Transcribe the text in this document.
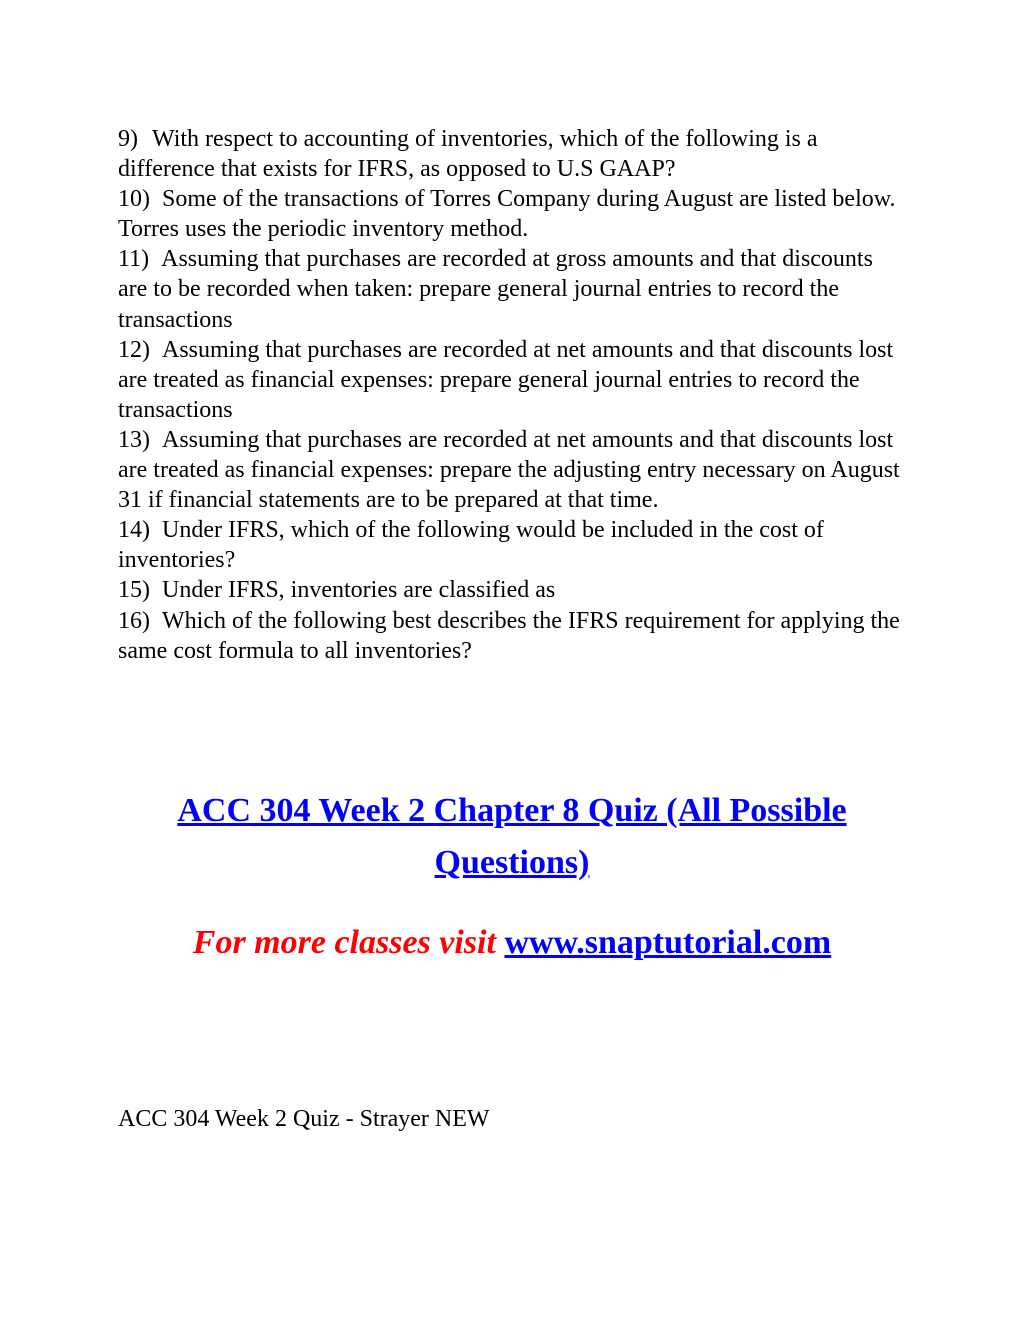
9) With respect to accounting of inventories, which of the following is a difference that exists for IFRS, as opposed to U.S GAAP?

10) Some of the transactions of Torres Company during August are listed below. Torres uses the periodic inventory method.

11) Assuming that purchases are recorded at gross amounts and that discounts are to be recorded when taken: prepare general journal entries to record the transactions

12) Assuming that purchases are recorded at net amounts and that discounts lost are treated as financial expenses: prepare general journal entries to record the transactions

13) Assuming that purchases are recorded at net amounts and that discounts lost are treated as financial expenses: prepare the adjusting entry necessary on August 31 if financial statements are to be prepared at that time.

14) Under IFRS, which of the following would be included in the cost of inventories?

15) Under IFRS, inventories are classified as

16) Which of the following best describes the IFRS requirement for applying the same cost formula to all inventories?

ACC 304 Week 2 Chapter 8 Quiz (All Possible Questions)
For more classes visit www.snaptutorial.com
ACC 304 Week 2 Quiz - Strayer NEW
